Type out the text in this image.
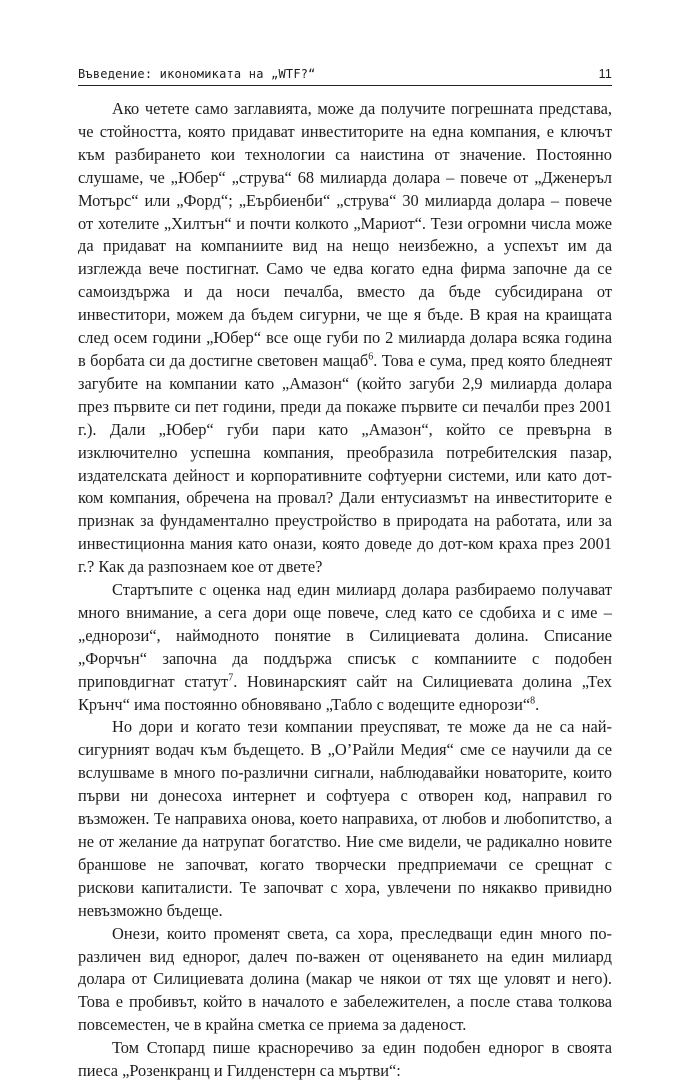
Въведение: икономиката на „WTF?“	11

Ако четете само заглавията, може да получите погрешната представа, че стойността, която придават инвеститорите на една компания, е ключът към разбирането кои технологии са наистина от значение. Постоянно слушаме, че „Юбер“ „струва“ 68 милиарда долара – повече от „Дженеръл Мотърс“ или „Форд“; „Еърбиенби“ „струва“ 30 милиарда долара – повече от хотелите „Хилтън“ и почти колкото „Мариот“. Тези огромни числа може да придават на компаниите вид на нещо неизбежно, а успехът им да изглежда вече постигнат. Само че едва когато една фирма започне да се самоиздържа и да носи печалба, вместо да бъде субсидирана от инвеститори, можем да бъдем сигурни, че ще я бъде. В края на краищата след осем години „Юбер“ все още губи по 2 милиарда долара всяка година в борбата си да достигне световен мащаб$^6$. Това е сума, пред която бледнеят загубите на компании като „Амазон“ (който загуби 2,9 милиарда долара през първите си пет години, преди да покаже първите си печалби през 2001 г.). Дали „Юбер“ губи пари като „Амазон“, който се превърна в изключително успешна компания, преобразила потребителския пазар, издателската дейност и корпоративните софтуерни системи, или като дот-ком компания, обречена на провал? Дали ентусиазмът на инвеститорите е признак за фундаментално преустройство в природата на работата, или за инвестиционна мания като онази, която доведе до дот-ком краха през 2001 г.? Как да разпознаем кое от двете?

Стартъпите с оценка над един милиард долара разбираемо получават много внимание, а сега дори още повече, след като се сдобиха и с име – „еднорози“, наймодното понятие в Силициевата долина. Списание „Форчън“ започна да поддържа списък с компаниите с подобен приповдигнат статут$^7$. Новинарският сайт на Силициевата долина „Тех Крънч“ има постоянно обновявано „Табло с водещите еднорози“$^8$.

Но дори и когато тези компании преуспяват, те може да не са най-сигурният водач към бъдещето. В „О’Райли Медия“ сме се научили да се вслушваме в много по-различни сигнали, наблюдавайки новаторите, които първи ни донесоха интернет и софтуера с отворен код, направил го възможен. Те направиха онова, което направиха, от любов и любопитство, а не от желание да натрупат богатство. Ние сме видели, че радикално новите браншове не започват, когато творчески предприемачи се срещнат с рискови капиталисти. Те започват с хора, увлечени по някакво привидно невъзможно бъдеще.

Онези, които променят света, са хора, преследващи един много по-различен вид еднорог, далеч по-важен от оценяването на един милиард долара от Силициевата долина (макар че някои от тях ще уловят и него). Това е пробивът, който в началото е забележителен, а после става толкова повсеместен, че в крайна сметка се приема за даденост.

Том Стопард пише красноречиво за един подобен еднорог в своята пиеса „Розенкранц и Гилденстерн са мъртви“:
